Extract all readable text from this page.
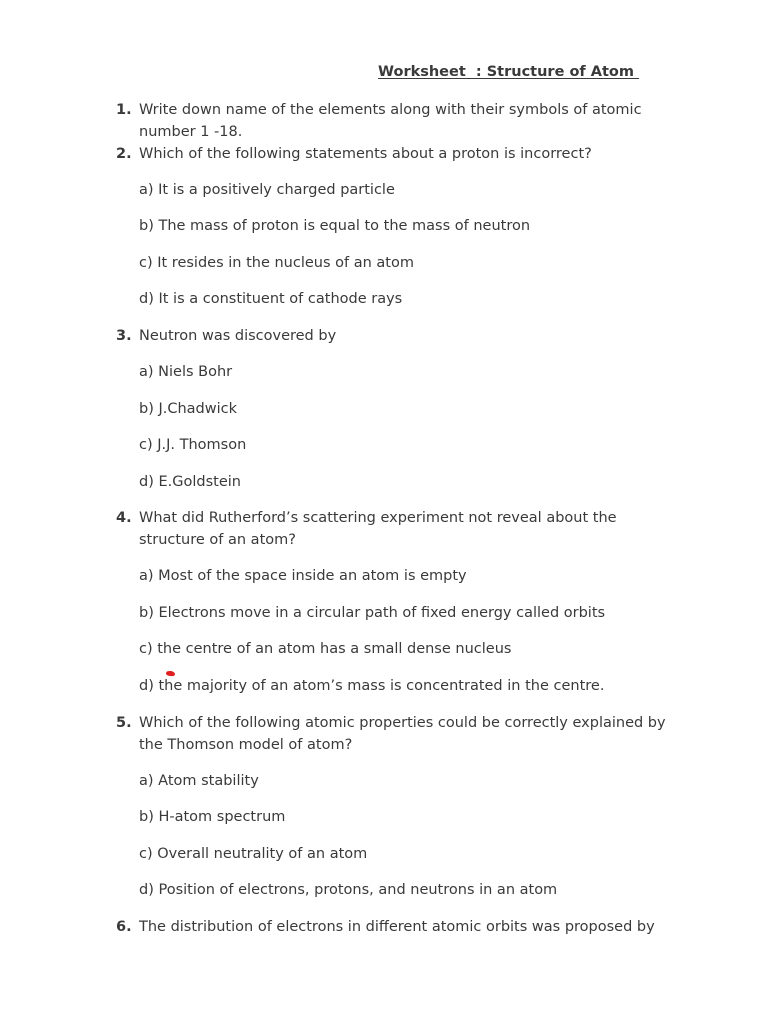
Worksheet  : Structure of Atom
1. Write down name of the elements along with their symbols of atomic number 1 -18.
2. Which of the following statements about a proton is incorrect?
a) It is a positively charged particle
b) The mass of proton is equal to the mass of neutron
c) It resides in the nucleus of an atom
d) It is a constituent of cathode rays
3. Neutron was discovered by
a) Niels Bohr
b) J.Chadwick
c) J.J. Thomson
d) E.Goldstein
4. What did Rutherford’s scattering experiment not reveal about the structure of an atom?
a) Most of the space inside an atom is empty
b) Electrons move in a circular path of fixed energy called orbits
c) the centre of an atom has a small dense nucleus
d) the majority of an atom’s mass is concentrated in the centre.
5. Which of the following atomic properties could be correctly explained by the Thomson model of atom?
a) Atom stability
b) H-atom spectrum
c) Overall neutrality of an atom
d) Position of electrons, protons, and neutrons in an atom
6. The distribution of electrons in different atomic orbits was proposed by
